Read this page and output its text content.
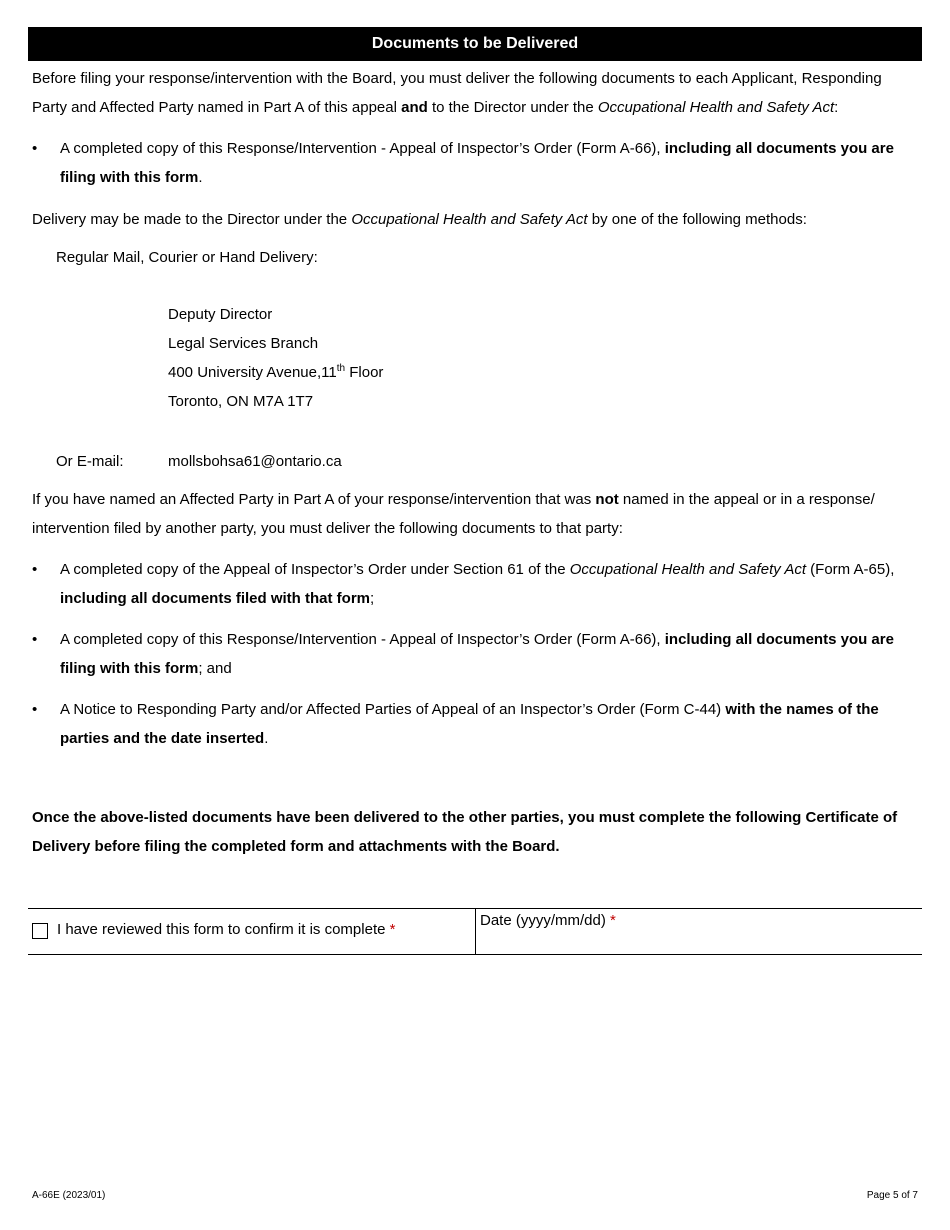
Documents to be Delivered

Before filing your response/intervention with the Board, you must deliver the following documents to each Applicant, Responding Party and Affected Party named in Part A of this appeal and to the Director under the Occupational Health and Safety Act:

• A completed copy of this Response/Intervention - Appeal of Inspector’s Order (Form A-66), including all documents you are filing with this form.

Delivery may be made to the Director under the Occupational Health and Safety Act by one of the following methods:

Regular Mail, Courier or Hand Delivery:
Deputy Director
Legal Services Branch
400 University Avenue,11th Floor
Toronto, ON M7A 1T7
Or E-mail:	mollsbohsa61@ontario.ca

If you have named an Affected Party in Part A of your response/intervention that was not named in the appeal or in a response/ intervention filed by another party, you must deliver the following documents to that party:

• A completed copy of the Appeal of Inspector’s Order under Section 61 of the Occupational Health and Safety Act (Form A-65), including all documents filed with that form;
• A completed copy of this Response/Intervention - Appeal of Inspector’s Order (Form A-66), including all documents you are filing with this form; and
• A Notice to Responding Party and/or Affected Parties of Appeal of an Inspector’s Order (Form C-44) with the names of the parties and the date inserted.

Once the above-listed documents have been delivered to the other parties, you must complete the following Certificate of Delivery before filing the completed form and attachments with the Board.

I have reviewed this form to confirm it is complete *
Date (yyyy/mm/dd) *
A-66E (2023/01)	Page 5 of 7
